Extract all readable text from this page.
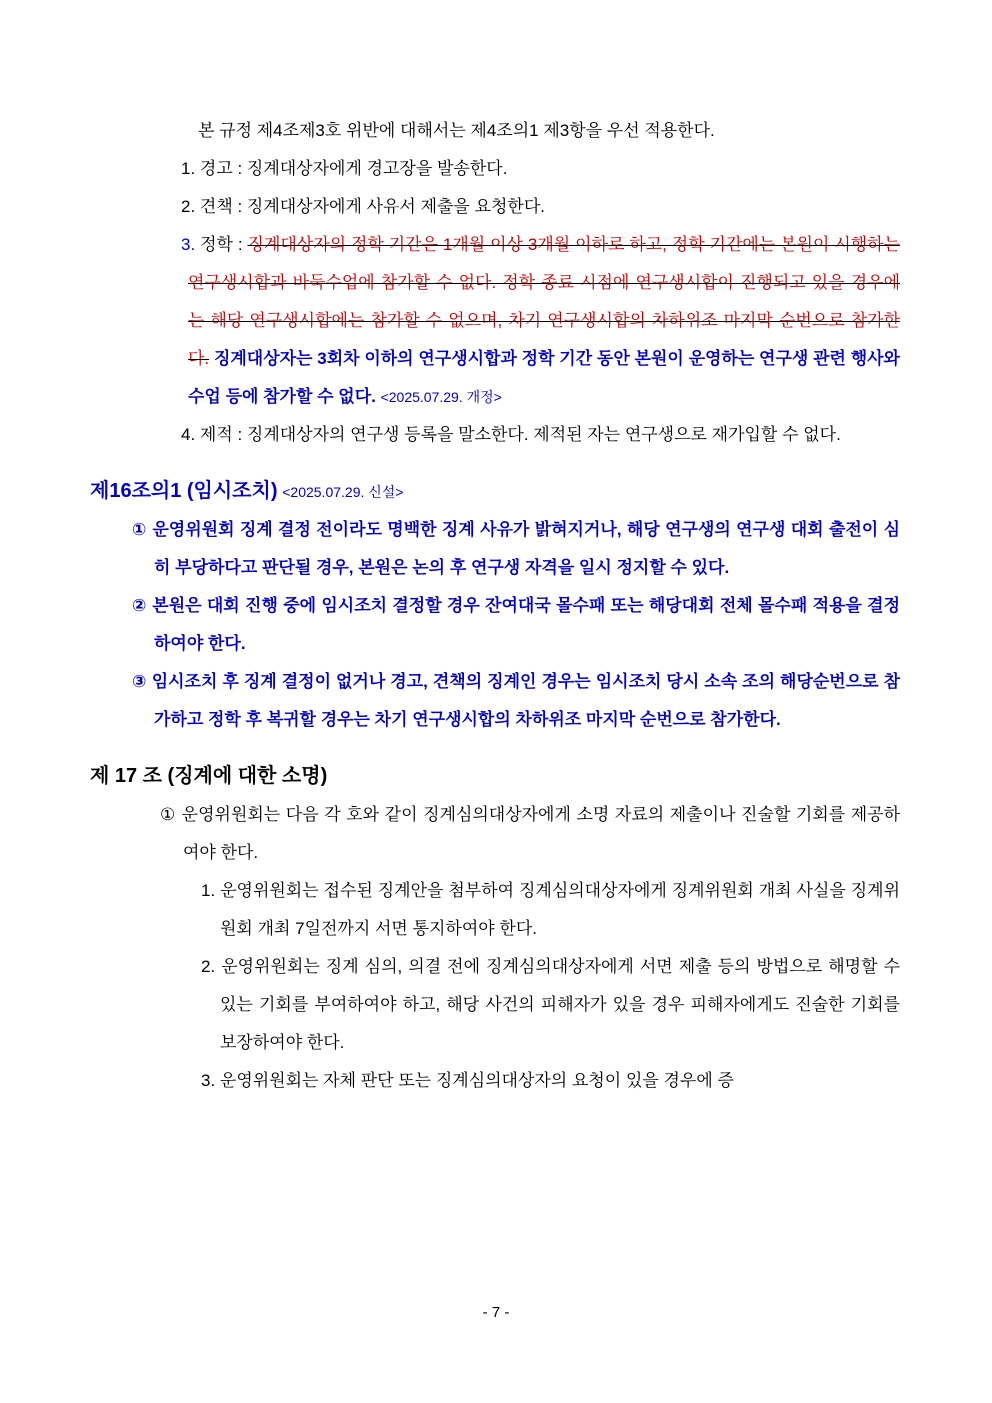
본 규정 제4조제3호 위반에 대해서는 제4조의1 제3항을 우선 적용한다.
1. 경고 : 징계대상자에게 경고장을 발송한다.
2. 견책 : 징계대상자에게 사유서 제출을 요청한다.
3. 정학 : 징계대상자의 정학 기간은 1개월 이상 3개월 이하로 하고, 정학 기간에는 본원이 시행하는 연구생시합과 바둑수업에 참가할 수 없다. 정학 종료 시점에 연구생시합이 진행되고 있을 경우에는 해당 연구생시합에는 참가할 수 없으며, 차기 연구생시합의 차하위조 마지막 순번으로 참가한다. 징계대상자는 3회차 이하의 연구생시합과 정학 기간 동안 본원이 운영하는 연구생 관련 행사와 수업 등에 참가할 수 없다. <2025.07.29. 개정>
4. 제적 : 징계대상자의 연구생 등록을 말소한다. 제적된 자는 연구생으로 재가입할 수 없다.
제16조의1 (임시조치) <2025.07.29. 신설>
① 운영위원회 징계 결정 전이라도 명백한 징계 사유가 밝혀지거나, 해당 연구생의 연구생 대회 출전이 심히 부당하다고 판단될 경우, 본원은 논의 후 연구생 자격을 일시 정지할 수 있다.
② 본원은 대회 진행 중에 임시조치 결정할 경우 잔여대국 몰수패 또는 해당대회 전체 몰수패 적용을 결정하여야 한다.
③ 임시조치 후 징계 결정이 없거나 경고, 견책의 징계인 경우는 임시조치 당시 소속 조의 해당순번으로 참가하고 정학 후 복귀할 경우는 차기 연구생시합의 차하위조 마지막 순번으로 참가한다.
제 17 조 (징계에 대한 소명)
① 운영위원회는 다음 각 호와 같이 징계심의대상자에게 소명 자료의 제출이나 진술할 기회를 제공하여야 한다.
1. 운영위원회는 접수된 징계안을 첨부하여 징계심의대상자에게 징계위원회 개최 사실을 징계위원회 개최 7일전까지 서면 통지하여야 한다.
2. 운영위원회는 징계 심의, 의결 전에 징계심의대상자에게 서면 제출 등의 방법으로 해명할 수 있는 기회를 부여하여야 하고, 해당 사건의 피해자가 있을 경우 피해자에게도 진술한 기회를 보장하여야 한다.
3. 운영위원회는 자체 판단 또는 징계심의대상자의 요청이 있을 경우에 증
- 7 -
